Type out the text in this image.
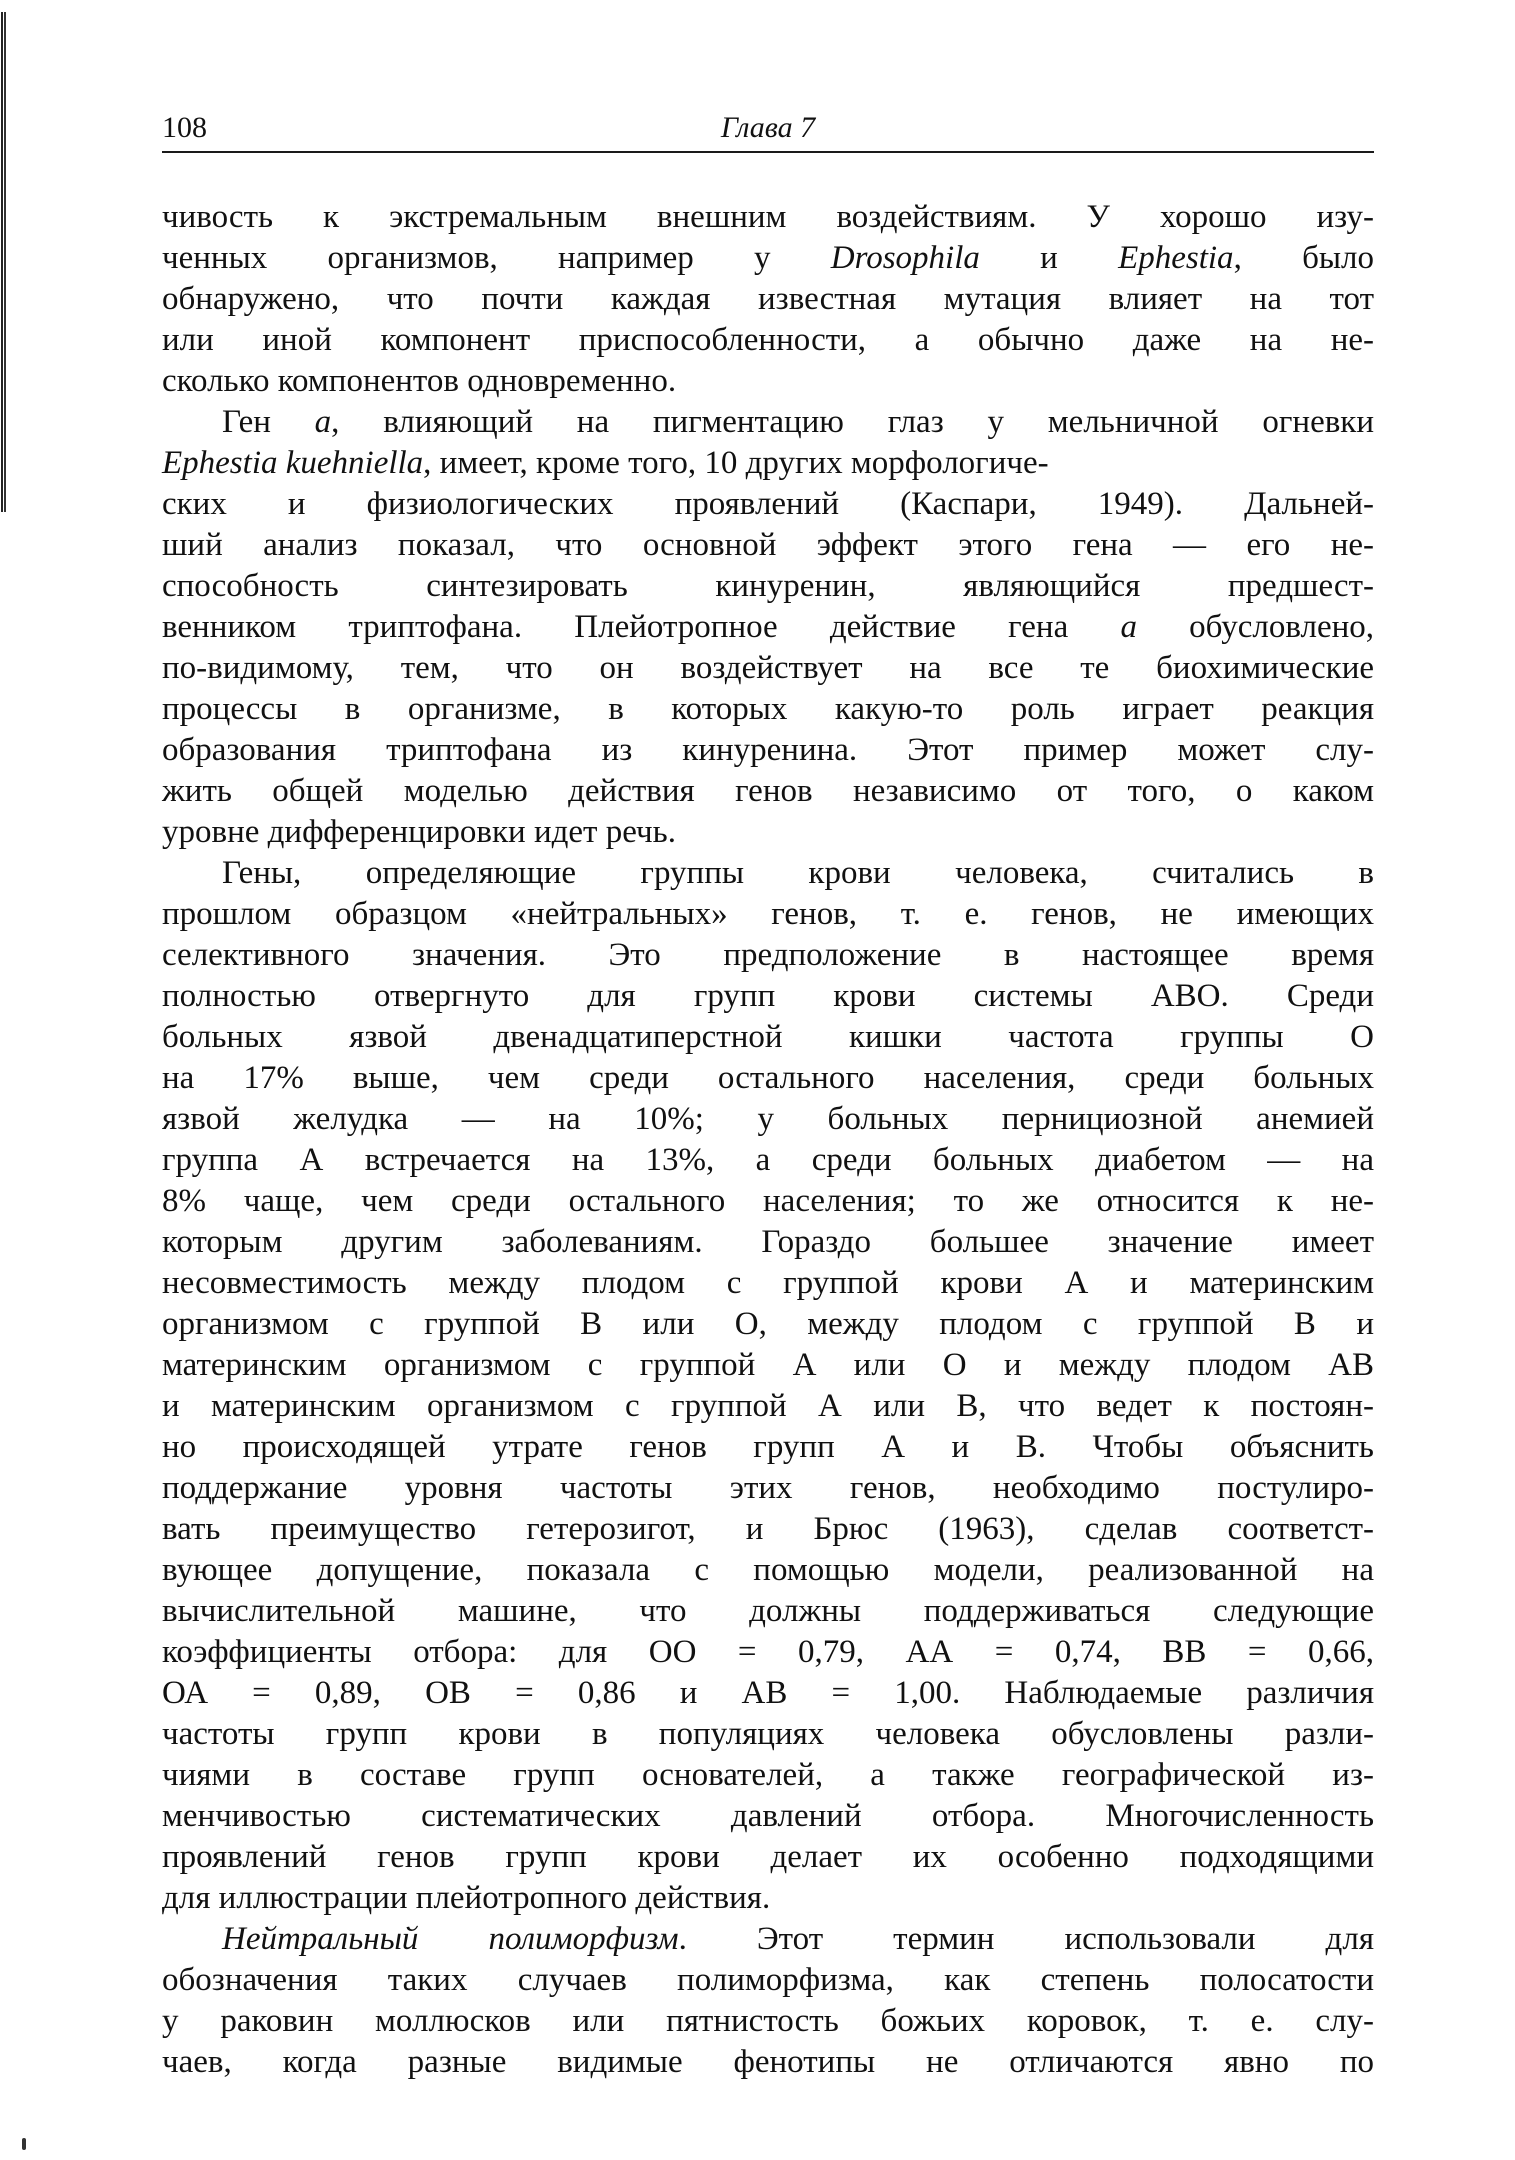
108	Глава 7
чивость к экстремальным внешним воздействиям. У хорошо изу-
ченных организмов, например у Drosophila и Ephestia, было
обнаружено, что почти каждая известная мутация влияет на тот
или иной компонент приспособленности, а обычно даже на не-
сколько компонентов одновременно.
Ген a, влияющий на пигментацию глаз у мельничной огневки
Ephestia kuehniella, имеет, кроме того, 10 других морфологиче-
ских и физиологических проявлений (Каспари, 1949). Дальней-
ший анализ показал, что основной эффект этого гена — его не-
способность синтезировать кинуренин, являющийся предшест-
венником триптофана. Плейотропное действие гена a обусловлено,
по-видимому, тем, что он воздействует на все те биохимические
процессы в организме, в которых какую-то роль играет реакция
образования триптофана из кинуренина. Этот пример может слу-
жить общей моделью действия генов независимо от того, о каком
уровне дифференцировки идет речь.
Гены, определяющие группы крови человека, считались в
прошлом образцом «нейтральных» генов, т. е. генов, не имеющих
селективного значения. Это предположение в настоящее время
полностью отвергнуто для групп крови системы АВО. Среди
больных язвой двенадцатиперстной кишки частота группы О
на 17% выше, чем среди остального населения, среди больных
язвой желудка — на 10%; у больных пернициозной анемией
группа А встречается на 13%, а среди больных диабетом — на
8% чаще, чем среди остального населения; то же относится к не-
которым другим заболеваниям. Гораздо большее значение имеет
несовместимость между плодом с группой крови А и материнским
организмом с группой В или О, между плодом с группой В и
материнским организмом с группой А или О и между плодом АВ
и материнским организмом с группой А или В, что ведет к постоян-
но происходящей утрате генов групп А и В. Чтобы объяснить
поддержание уровня частоты этих генов, необходимо постулиро-
вать преимущество гетерозигот, и Брюс (1963), сделав соответст-
вующее допущение, показала с помощью модели, реализованной на
вычислительной машине, что должны поддерживаться следующие
коэффициенты отбора: для ОО = 0,79, АА = 0,74, ВВ = 0,66,
ОА = 0,89, ОВ = 0,86 и АВ = 1,00. Наблюдаемые различия
частоты групп крови в популяциях человека обусловлены разли-
чиями в составе групп основателей, а также географической из-
менчивостью систематических давлений отбора. Многочисленность
проявлений генов групп крови делает их особенно подходящими
для иллюстрации плейотропного действия.
Нейтральный полиморфизм. Этот термин использовали для
обозначения таких случаев полиморфизма, как степень полосатости
у раковин моллюсков или пятнистость божьих коровок, т. е. слу-
чаев, когда разные видимые фенотипы не отличаются явно по
